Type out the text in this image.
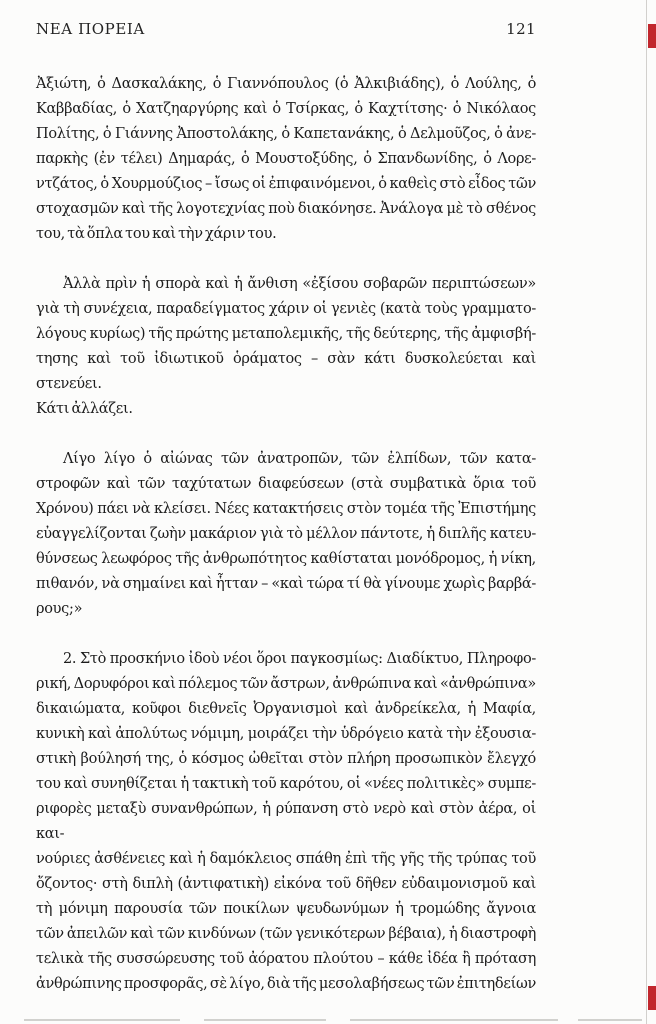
ΝΕΑ ΠΟΡΕΙΑ	121
Ἀξιώτη, ὁ Δασκαλάκης, ὁ Γιαννόπουλος (ὁ Ἀλκιβιάδης), ὁ Λούλης, ὁ
Καββαδίας, ὁ Χατζηαργύρης καὶ ὁ Τσίρκας, ὁ Καχτίτσης· ὁ Νικόλαος
Πολίτης, ὁ Γιάννης Ἀποστολάκης, ὁ Καπετανάκης, ὁ Δελμοῦζος, ὁ ἀνε-
παρκὴς (ἐν τέλει) Δημαράς, ὁ Μουστοξύδης, ὁ Σπανδωνίδης, ὁ Λορε-
ντζάτος, ὁ Χουρμούζιος – ἴσως οἱ ἐπιφαινόμενοι, ὁ καθεὶς στὸ εἶδος τῶν
στοχασμῶν καὶ τῆς λογοτεχνίας ποὺ διακόνησε. Ἀνάλογα μὲ τὸ σθένος
του, τὰ ὅπλα του καὶ τὴν χάριν του.
Ἀλλὰ πρὶν ἡ σπορὰ καὶ ἡ ἄνθιση «ἐξίσου σοβαρῶν περιπτώσεων»
γιὰ τὴ συνέχεια, παραδείγματος χάριν οἱ γενιὲς (κατὰ τοὺς γραμματο-
λόγους κυρίως) τῆς πρώτης μεταπολεμικῆς, τῆς δεύτερης, τῆς ἀμφισβή-
τησης καὶ τοῦ ἰδιωτικοῦ ὁράματος – σὰν κάτι δυσκολεύεται καὶ στενεύει.
Κάτι ἀλλάζει.
Λίγο λίγο ὁ αἰώνας τῶν ἀνατροπῶν, τῶν ἐλπίδων, τῶν κατα-
στροφῶν καὶ τῶν ταχύτατων διαφεύσεων (στὰ συμβατικὰ ὅρια τοῦ
Χρόνου) πάει νὰ κλείσει. Νέες κατακτήσεις στὸν τομέα τῆς Ἐπιστήμης
εὐαγγελίζονται ζωὴν μακάριον γιὰ τὸ μέλλον πάντοτε, ἡ διπλῆς κατευ-
θύνσεως λεωφόρος τῆς ἀνθρωπότητος καθίσταται μονόδρομος, ἡ νίκη,
πιθανόν, νὰ σημαίνει καὶ ἧτταν – «καὶ τώρα τί θὰ γίνουμε χωρὶς βαρβά-
ρους;»
2. Στὸ προσκήνιο ἰδοὺ νέοι ὅροι παγκοσμίως: Διαδίκτυο, Πληροφο-
ρική, Δορυφόροι καὶ πόλεμος τῶν ἄστρων, ἀνθρώπινα καὶ «ἀνθρώπινα»
δικαιώματα, κοῦφοι διεθνεῖς Ὀργανισμοὶ καὶ ἀνδρείκελα, ἡ Μαφία,
κυνικὴ καὶ ἀπολύτως νόμιμη, μοιράζει τὴν ὑδρόγειο κατὰ τὴν ἐξουσια-
στικὴ βούλησή της, ὁ κόσμος ὠθεῖται στὸν πλήρη προσωπικὸν ἔλεγχό
του καὶ συνηθίζεται ἡ τακτικὴ τοῦ καρότου, οἱ «νέες πολιτικὲς» συμπε-
ριφορὲς μεταξὺ συνανθρώπων, ἡ ρύπανση στὸ νερὸ καὶ στὸν ἀέρα, οἱ και-
νούριες ἀσθένειες καὶ ἡ δαμόκλειος σπάθη ἐπὶ τῆς γῆς τῆς τρύπας τοῦ
ὄζοντος· στὴ διπλὴ (ἀντιφατικὴ) εἰκόνα τοῦ δῆθεν εὐδαιμονισμοῦ καὶ
τὴ μόνιμη παρουσία τῶν ποικίλων ψευδωνύμων ἡ τρομώδης ἄγνοια
τῶν ἀπειλῶν καὶ τῶν κινδύνων (τῶν γενικότερων βέβαια), ἡ διαστροφὴ
τελικὰ τῆς συσσώρευσης τοῦ ἀόρατου πλούτου – κάθε ἰδέα ἢ πρόταση
ἀνθρώπινης προσφορᾶς, σὲ λίγο, διὰ τῆς μεσολαβήσεως τῶν ἐπιτηδείων
